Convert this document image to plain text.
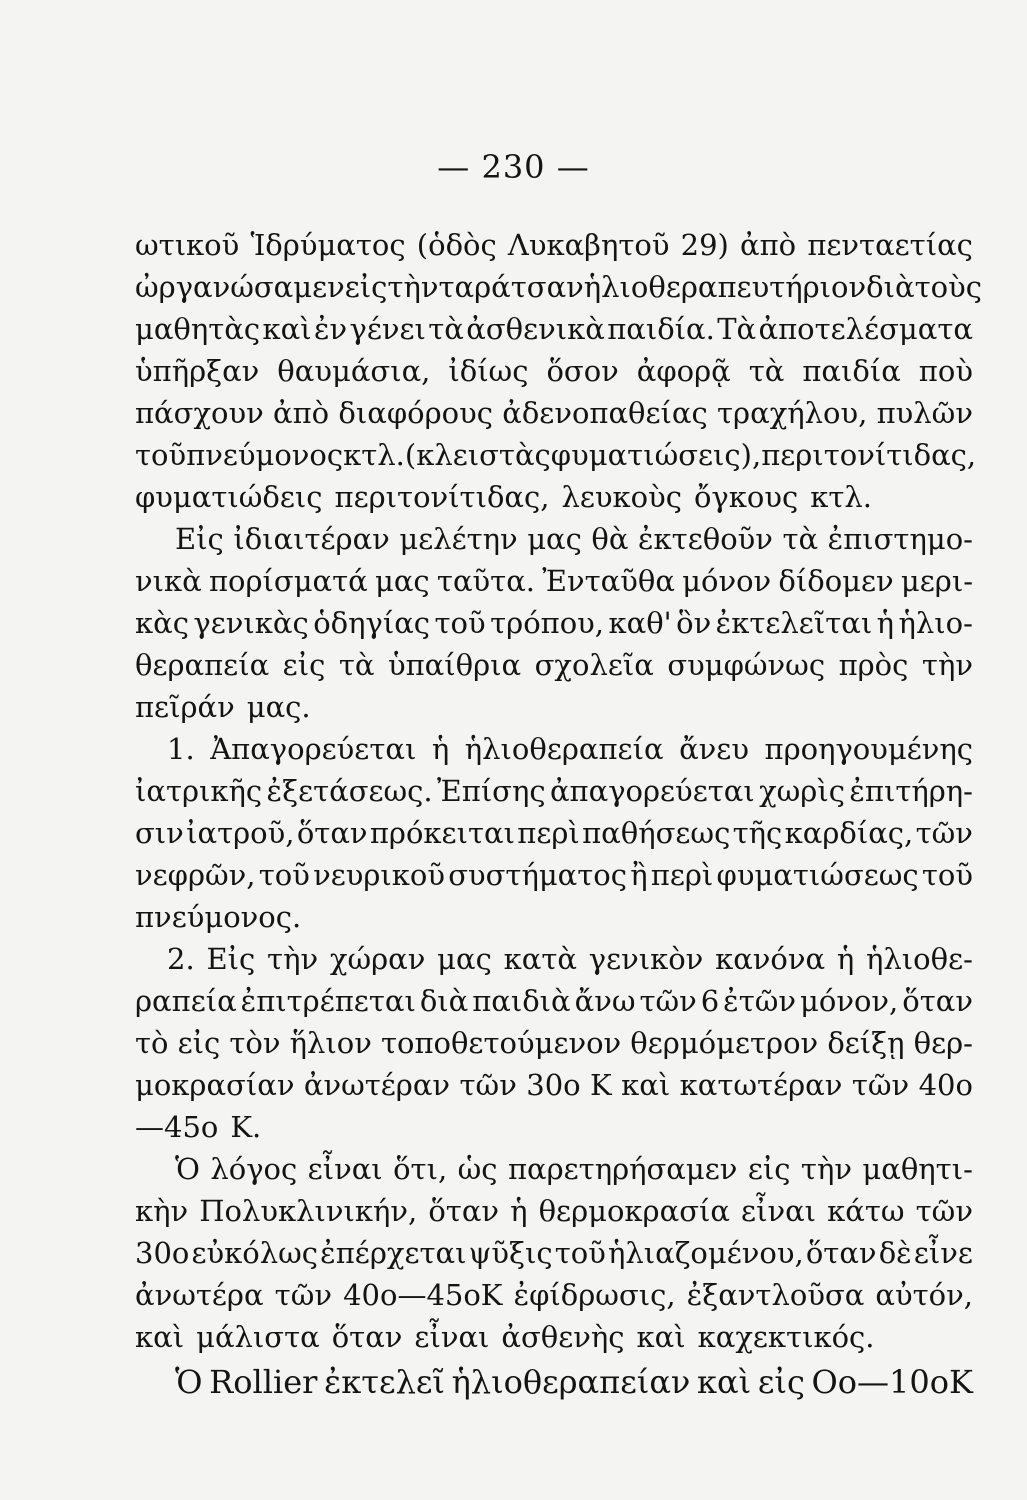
— 230 —
ωτικοῦ Ἱδρύματος (ὁδὸς Λυκαβητοῦ 29) ἀπὸ πενταετίας
ὠργανώσαμεν εἰς τὴν ταράτσαν ἡλιοθεραπευτήριον διὰ τοὺς
μαθητὰς καὶ ἐν γένει τὰ ἀσθενικὰ παιδία. Τὰ ἀποτελέσματα
ὑπῆρξαν θαυμάσια, ἰδίως ὅσον ἀφορᾷ τὰ παιδία ποὺ
πάσχουν ἀπὸ διαφόρους ἀδενοπαθείας τραχήλου, πυλῶν
τοῦ πνεύμονος κτλ. (κλειστὰς φυματιώσεις), περιτονίτιδας,
φυματιώδεις περιτονίτιδας, λευκοὺς ὄγκους κτλ.
Εἰς ἰδιαιτέραν μελέτην μας θὰ ἐκτεθοῦν τὰ ἐπιστημο-
νικὰ πορίσματά μας ταῦτα. Ἐνταῦθα μόνον δίδομεν μερι-
κὰς γενικὰς ὁδηγίας τοῦ τρόπου, καθ' ὃν ἐκτελεῖται ἡ ἡλιο-
θεραπεία εἰς τὰ ὑπαίθρια σχολεῖα συμφώνως πρὸς τὴν
πεῖράν μας.
1. Ἀπαγορεύεται ἡ ἡλιοθεραπεία ἄνευ προηγουμένης
ἰατρικῆς ἐξετάσεως. Ἐπίσης ἀπαγορεύεται χωρὶς ἐπιτήρη-
σιν ἰατροῦ, ὅταν πρόκειται περὶ παθήσεως τῆς καρδίας, τῶν
νεφρῶν, τοῦ νευρικοῦ συστήματος ἢ περὶ φυματιώσεως τοῦ
πνεύμονος.
2. Εἰς τὴν χώραν μας κατὰ γενικὸν κανόνα ἡ ἡλιοθε-
ραπεία ἐπιτρέπεται διὰ παιδιὰ ἄνω τῶν 6 ἐτῶν μόνον, ὅταν
τὸ εἰς τὸν ἥλιον τοποθετούμενον θερμόμετρον δείξῃ θερ-
μοκρασίαν ἀνωτέραν τῶν 30ο Κ καὶ κατωτέραν τῶν 40ο
—45ο Κ.
Ὁ λόγος εἶναι ὅτι, ὡς παρετηρήσαμεν εἰς τὴν μαθητι-
κὴν Πολυκλινικήν, ὅταν ἡ θερμοκρασία εἶναι κάτω τῶν
30ο εὐκόλως ἐπέρχεται ψῦξις τοῦ ἡλιαζομένου, ὅταν δὲ εἶνε
ἀνωτέρα τῶν 40ο—45οΚ ἐφίδρωσις, ἐξαντλοῦσα αὐτόν,
καὶ μάλιστα ὅταν εἶναι ἀσθενὴς καὶ καχεκτικός.
Ὁ Rollier ἐκτελεῖ ἡλιοθεραπείαν καὶ εἰς Οο—10οΚ
